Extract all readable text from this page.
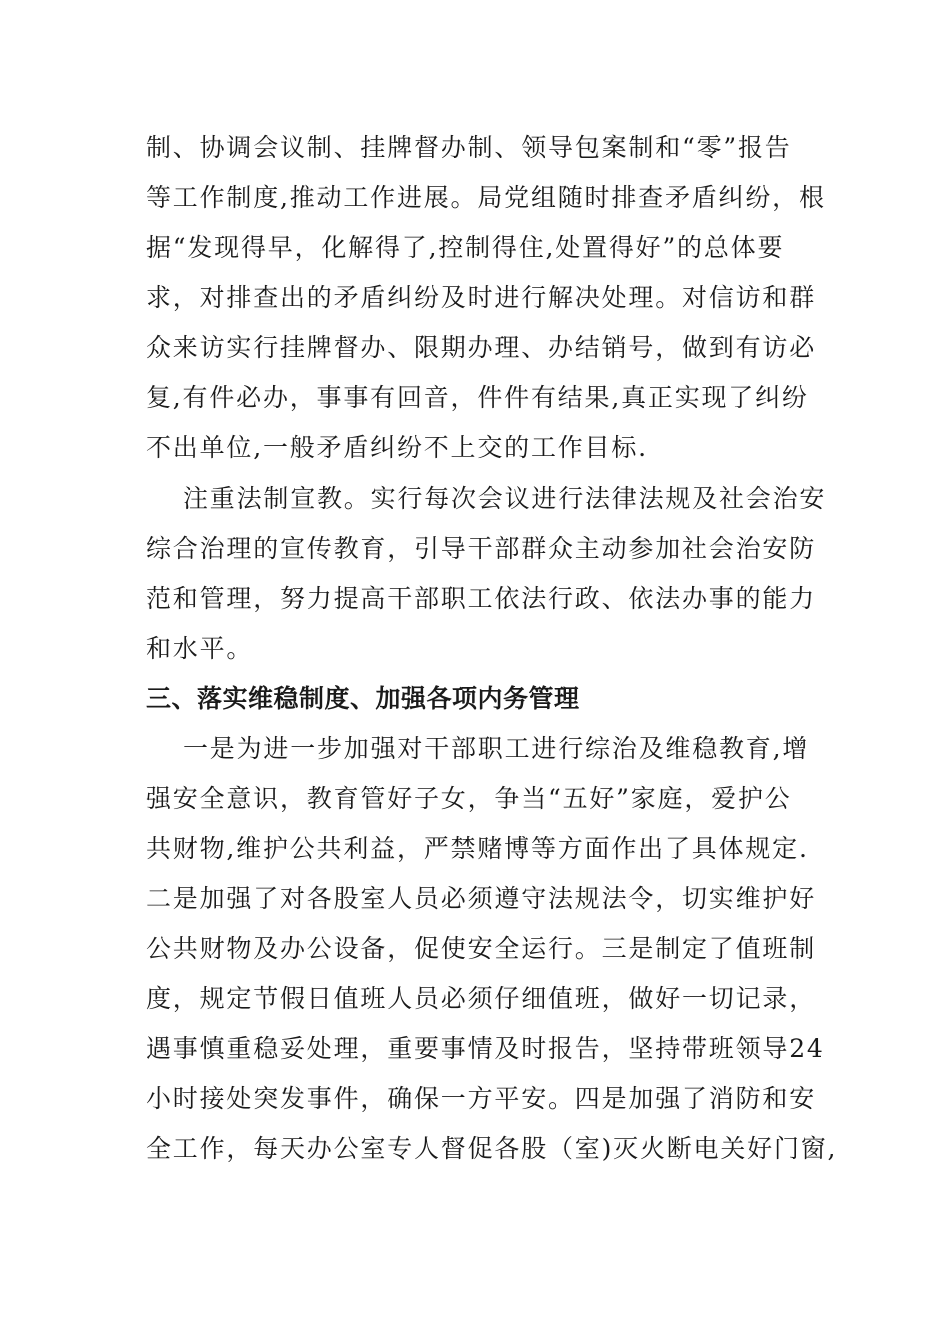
制、协调会议制、挂牌督办制、领导包案制和“零”报告
等工作制度,推动工作进展。局党组随时排查矛盾纠纷，根
据“发现得早，化解得了,控制得住,处置得好”的总体要
求，对排查出的矛盾纠纷及时进行解决处理。对信访和群
众来访实行挂牌督办、限期办理、办结销号，做到有访必
复,有件必办，事事有回音，件件有结果,真正实现了纠纷
不出单位,一般矛盾纠纷不上交的工作目标.
注重法制宣教。实行每次会议进行法律法规及社会治安
综合治理的宣传教育，引导干部群众主动参加社会治安防
范和管理，努力提高干部职工依法行政、依法办事的能力
和水平。
三、落实维稳制度、加强各项内务管理
一是为进一步加强对干部职工进行综治及维稳教育,增
强安全意识，教育管好子女，争当“五好”家庭，爱护公
共财物,维护公共利益，严禁赌博等方面作出了具体规定.
二是加强了对各股室人员必须遵守法规法令，切实维护好
公共财物及办公设备，促使安全运行。三是制定了值班制
度，规定节假日值班人员必须仔细值班，做好一切记录，
遇事慎重稳妥处理，重要事情及时报告，坚持带班领导24
小时接处突发事件，确保一方平安。四是加强了消防和安
全工作，每天办公室专人督促各股（室)灭火断电关好门窗,
